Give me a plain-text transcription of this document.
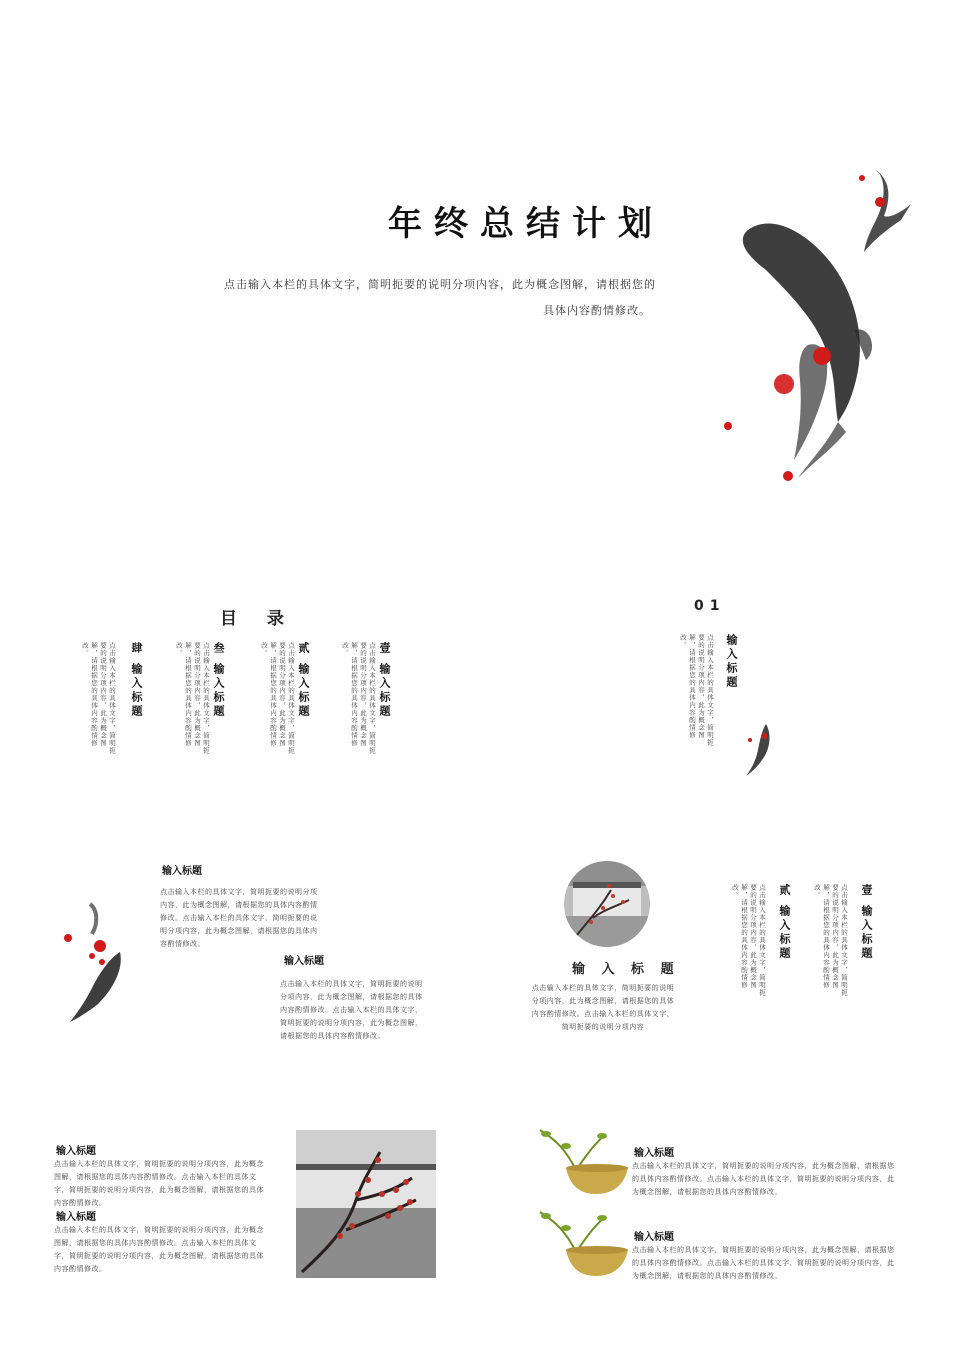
年终总结计划
点击输入本栏的具体文字，简明扼要的说明分项内容，此为概念图解，请根据您的
具体内容酌情修改。
目 录
壹 输入标题
点击输入本栏的具体文字，简明扼要的说明分项内容，此为概念图解，请根据您的具体内容酌情修改。
贰 输入标题
点击输入本栏的具体文字，简明扼要的说明分项内容，此为概念图解，请根据您的具体内容酌情修改。
叁 输入标题
点击输入本栏的具体文字，简明扼要的说明分项内容，此为概念图解，请根据您的具体内容酌情修改。
肆 输入标题
点击输入本栏的具体文字，简明扼要的说明分项内容，此为概念图解，请根据您的具体内容酌情修改。
01
输入标题
点击输入本栏的具体文字，简明扼要的说明分项内容，此为概念图解，请根据您的具体内容酌情修改。
输入标题
点击输入本栏的具体文字，简明扼要的说明分项内容，此为概念图解，请根据您的具体内容酌情修改。点击输入本栏的具体文字，简明扼要的说明分项内容，此为概念图解，请根据您的具体内容酌情修改。
输入标题
点击输入本栏的具体文字，简明扼要的说明分项内容，此为概念图解，请根据您的具体内容酌情修改。点击输入本栏的具体文字，简明扼要的说明分项内容，此为概念图解，请根据您的具体内容酌情修改。
输 入 标 题
点击输入本栏的具体文字，简明扼要的说明分项内容，此为概念图解，请根据您的具体内容酌情修改。点击输入本栏的具体文字，简明扼要的说明分项内容
壹 输入标题
点击输入本栏的具体文字，简明扼要的说明分项内容，此为概念图解，请根据您的具体内容酌情修改。
贰 输入标题
点击输入本栏的具体文字，简明扼要的说明分项内容，此为概念图解，请根据您的具体内容酌情修改。
输入标题
点击输入本栏的具体文字，简明扼要的说明分项内容，此为概念图解，请根据您的具体内容酌情修改。点击输入本栏的具体文字，简明扼要的说明分项内容，此为概念图解，请根据您的具体内容酌情修改。
输入标题
点击输入本栏的具体文字，简明扼要的说明分项内容，此为概念图解，请根据您的具体内容酌情修改。点击输入本栏的具体文字，简明扼要的说明分项内容，此为概念图解，请根据您的具体内容酌情修改。
输入标题
点击输入本栏的具体文字，简明扼要的说明分项内容，此为概念图解，请根据您的具体内容酌情修改。点击输入本栏的具体文字，简明扼要的说明分项内容，此为概念图解，请根据您的具体内容酌情修改。
输入标题
点击输入本栏的具体文字，简明扼要的说明分项内容，此为概念图解，请根据您的具体内容酌情修改。点击输入本栏的具体文字，简明扼要的说明分项内容，此为概念图解，请根据您的具体内容酌情修改。
